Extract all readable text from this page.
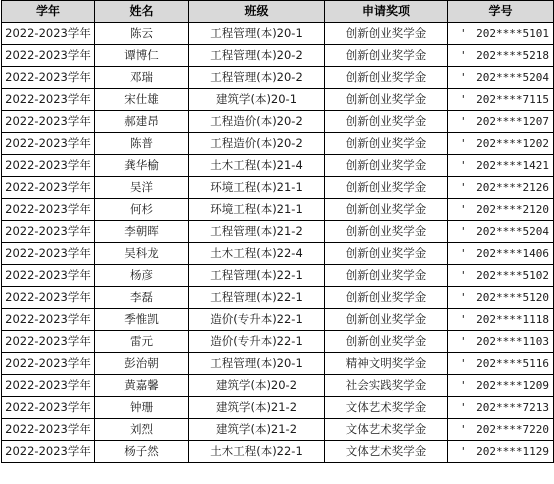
学年	姓名	班级	申请奖项	学号
2022-2023学年	陈云	工程管理(本)20-1	创新创业奖学金	' 202****5101
2022-2023学年	谭博仁	工程管理(本)20-2	创新创业奖学金	' 202****5218
2022-2023学年	邓瑞	工程管理(本)20-2	创新创业奖学金	' 202****5204
2022-2023学年	宋仕雄	建筑学(本)20-1	创新创业奖学金	' 202****7115
2022-2023学年	郝建昂	工程造价(本)20-2	创新创业奖学金	' 202****1207
2022-2023学年	陈普	工程造价(本)20-2	创新创业奖学金	' 202****1202
2022-2023学年	龚华榆	土木工程(本)21-4	创新创业奖学金	' 202****1421
2022-2023学年	吴洋	环境工程(本)21-1	创新创业奖学金	' 202****2126
2022-2023学年	何杉	环境工程(本)21-1	创新创业奖学金	' 202****2120
2022-2023学年	李朝晖	工程管理(本)21-2	创新创业奖学金	' 202****5204
2022-2023学年	吴科龙	土木工程(本)22-4	创新创业奖学金	' 202****1406
2022-2023学年	杨彦	工程管理(本)22-1	创新创业奖学金	' 202****5102
2022-2023学年	李磊	工程管理(本)22-1	创新创业奖学金	' 202****5120
2022-2023学年	季惟凯	造价(专升本)22-1	创新创业奖学金	' 202****1118
2022-2023学年	雷元	造价(专升本)22-1	创新创业奖学金	' 202****1103
2022-2023学年	彭治朝	工程管理(本)20-1	精神文明奖学金	' 202****5116
2022-2023学年	黄嘉馨	建筑学(本)20-2	社会实践奖学金	' 202****1209
2022-2023学年	钟珊	建筑学(本)21-2	文体艺术奖学金	' 202****7213
2022-2023学年	刘烈	建筑学(本)21-2	文体艺术奖学金	' 202****7220
2022-2023学年	杨子然	土木工程(本)22-1	文体艺术奖学金	' 202****1129
